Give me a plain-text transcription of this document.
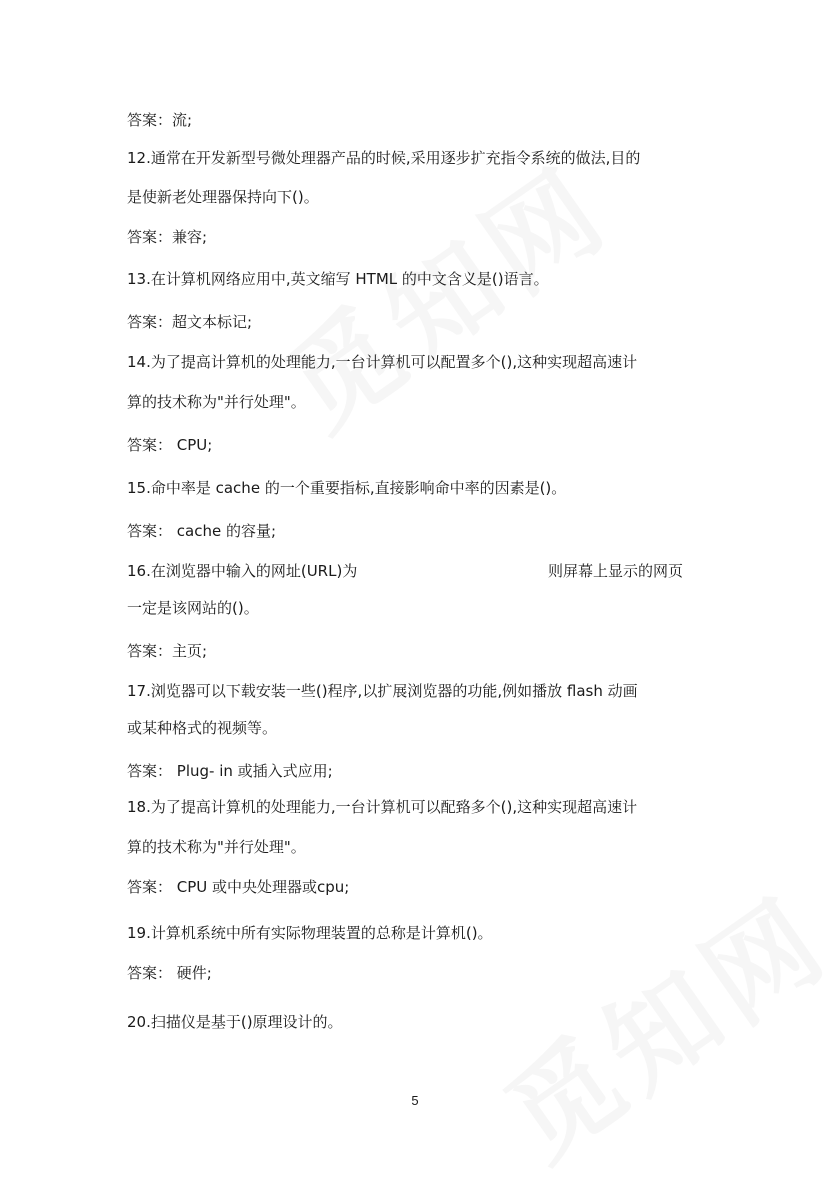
答案：流;
12.通常在开发新型号微处理器产品的时候,采用逐步扩充指令系统的做法,目的
是使新老处理器保持向下()。
答案：兼容;
13.在计算机网络应用中,英文缩写 HTML 的中文含义是()语言。
答案：超文本标记;
14.为了提高计算机的处理能力,一台计算机可以配置多个(),这种实现超高速计
算的技术称为"并行处理"。
答案： CPU;
15.命中率是 cache 的一个重要指标,直接影响命中率的因素是()。
答案： cache 的容量;
16.在浏览器中输入的网址(URL)为	则屏幕上显示的网页
一定是该网站的()。
答案：主页;
17.浏览器可以下载安装一些()程序,以扩展浏览器的功能,例如播放 flash 动画
或某种格式的视频等。
答案： Plug- in 或插入式应用;
18.为了提高计算机的处理能力,一台计算机可以配臵多个(),这种实现超高速计
算的技术称为"并行处理"。
答案： CPU 或中央处理器或cpu;
19.计算机系统中所有实际物理装置的总称是计算机()。
答案： 硬件;
20.扫描仪是基于()原理设计的。
5
